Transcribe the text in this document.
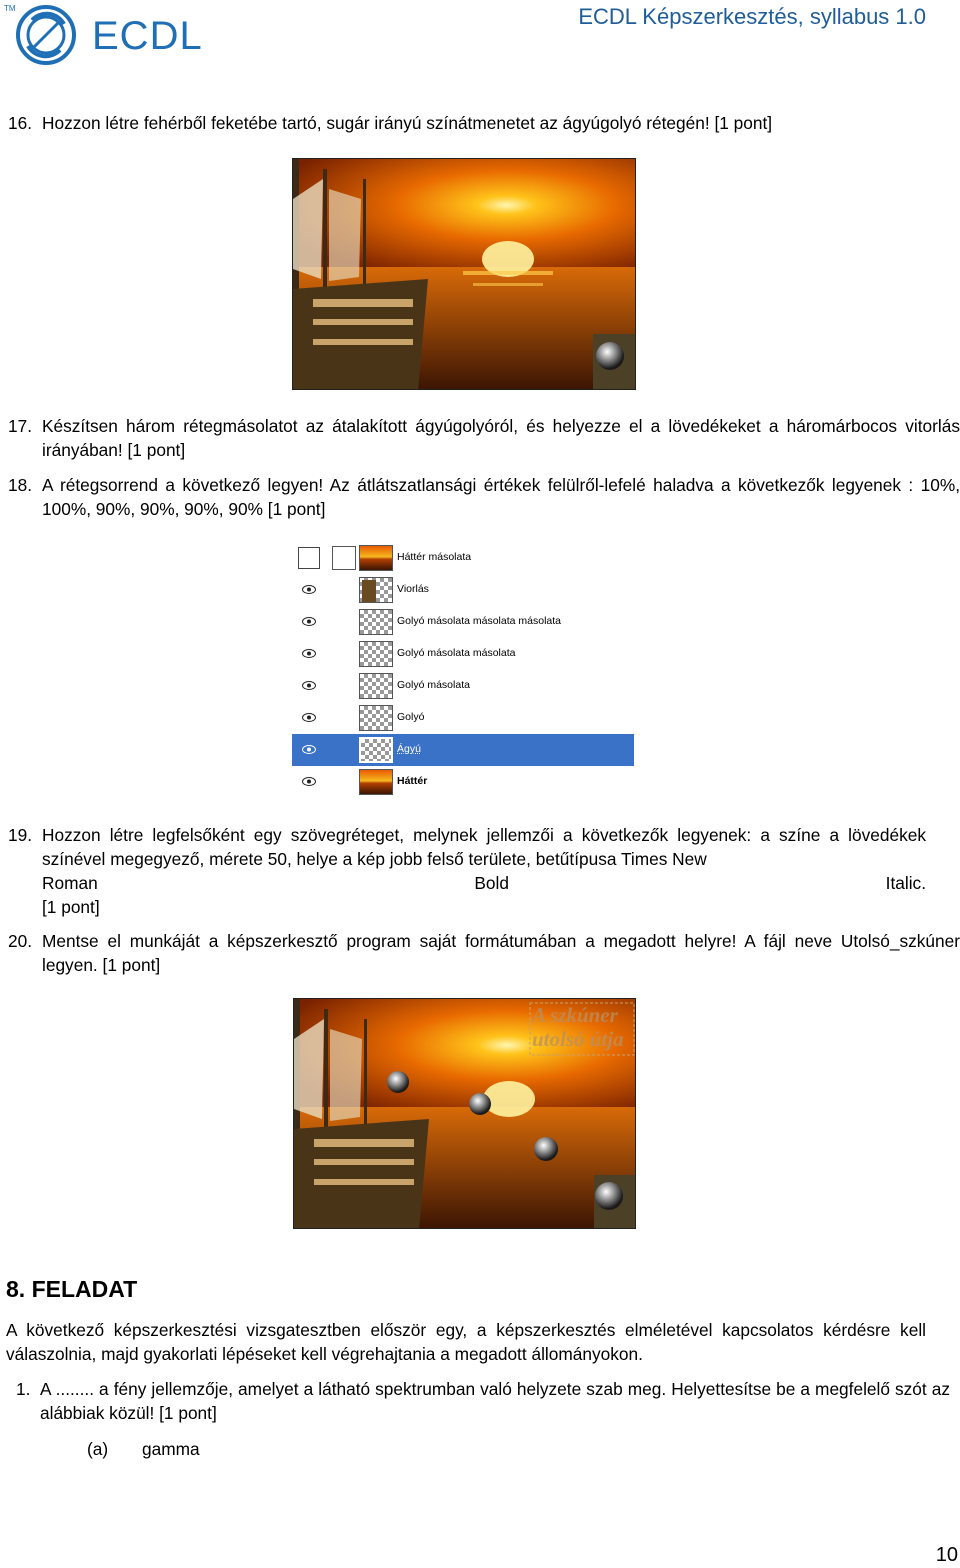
TM
ECDL	ECDL Képszerkesztés, syllabus 1.0
16. Hozzon létre fehérből feketébe tartó, sugár irányú színátmenetet az ágyúgolyó rétegén! [1 pont]
17. Készítsen három rétegmásolatot az átalakított ágyúgolyóról, és helyezze el a lövedékeket a háromárbocos vitorlás irányában! [1 pont]
18. A rétegsorrend a következő legyen! Az átlátszatlansági értékek felülről-lefelé haladva a következők legyenek : 10%, 100%, 90%, 90%, 90%, 90% [1 pont]
Háttér másolata
Viorlás
Golyó másolata másolata másolata
Golyó másolata másolata
Golyó másolata
Golyó
Ágyú
Háttér

19. Hozzon létre legfelsőként egy szövegréteget, melynek jellemzői a következők legyenek: a színe a lövedékek színével megegyező, mérete 50, helye a kép jobb felső területe, betűtípusa Times New

Roman	Bold	Italic.

[1 pont]

20. Mentse el munkáját a képszerkesztő program saját formátumában a megadott helyre! A fájl neve Utolsó_szkúner legyen. [1 pont]
A szkúner
utolsó útja
8. FELADAT
A következő képszerkesztési vizsgatesztben először egy, a képszerkesztés elméletével kapcsolatos kérdésre kell válaszolnia, majd gyakorlati lépéseket kell végrehajtania a megadott állományokon.
1. A ........ a fény jellemzője, amelyet a látható spektrumban való helyzete szab meg. Helyettesítse be a megfelelő szót az alábbiak közül! [1 pont]
(a) gamma
10
